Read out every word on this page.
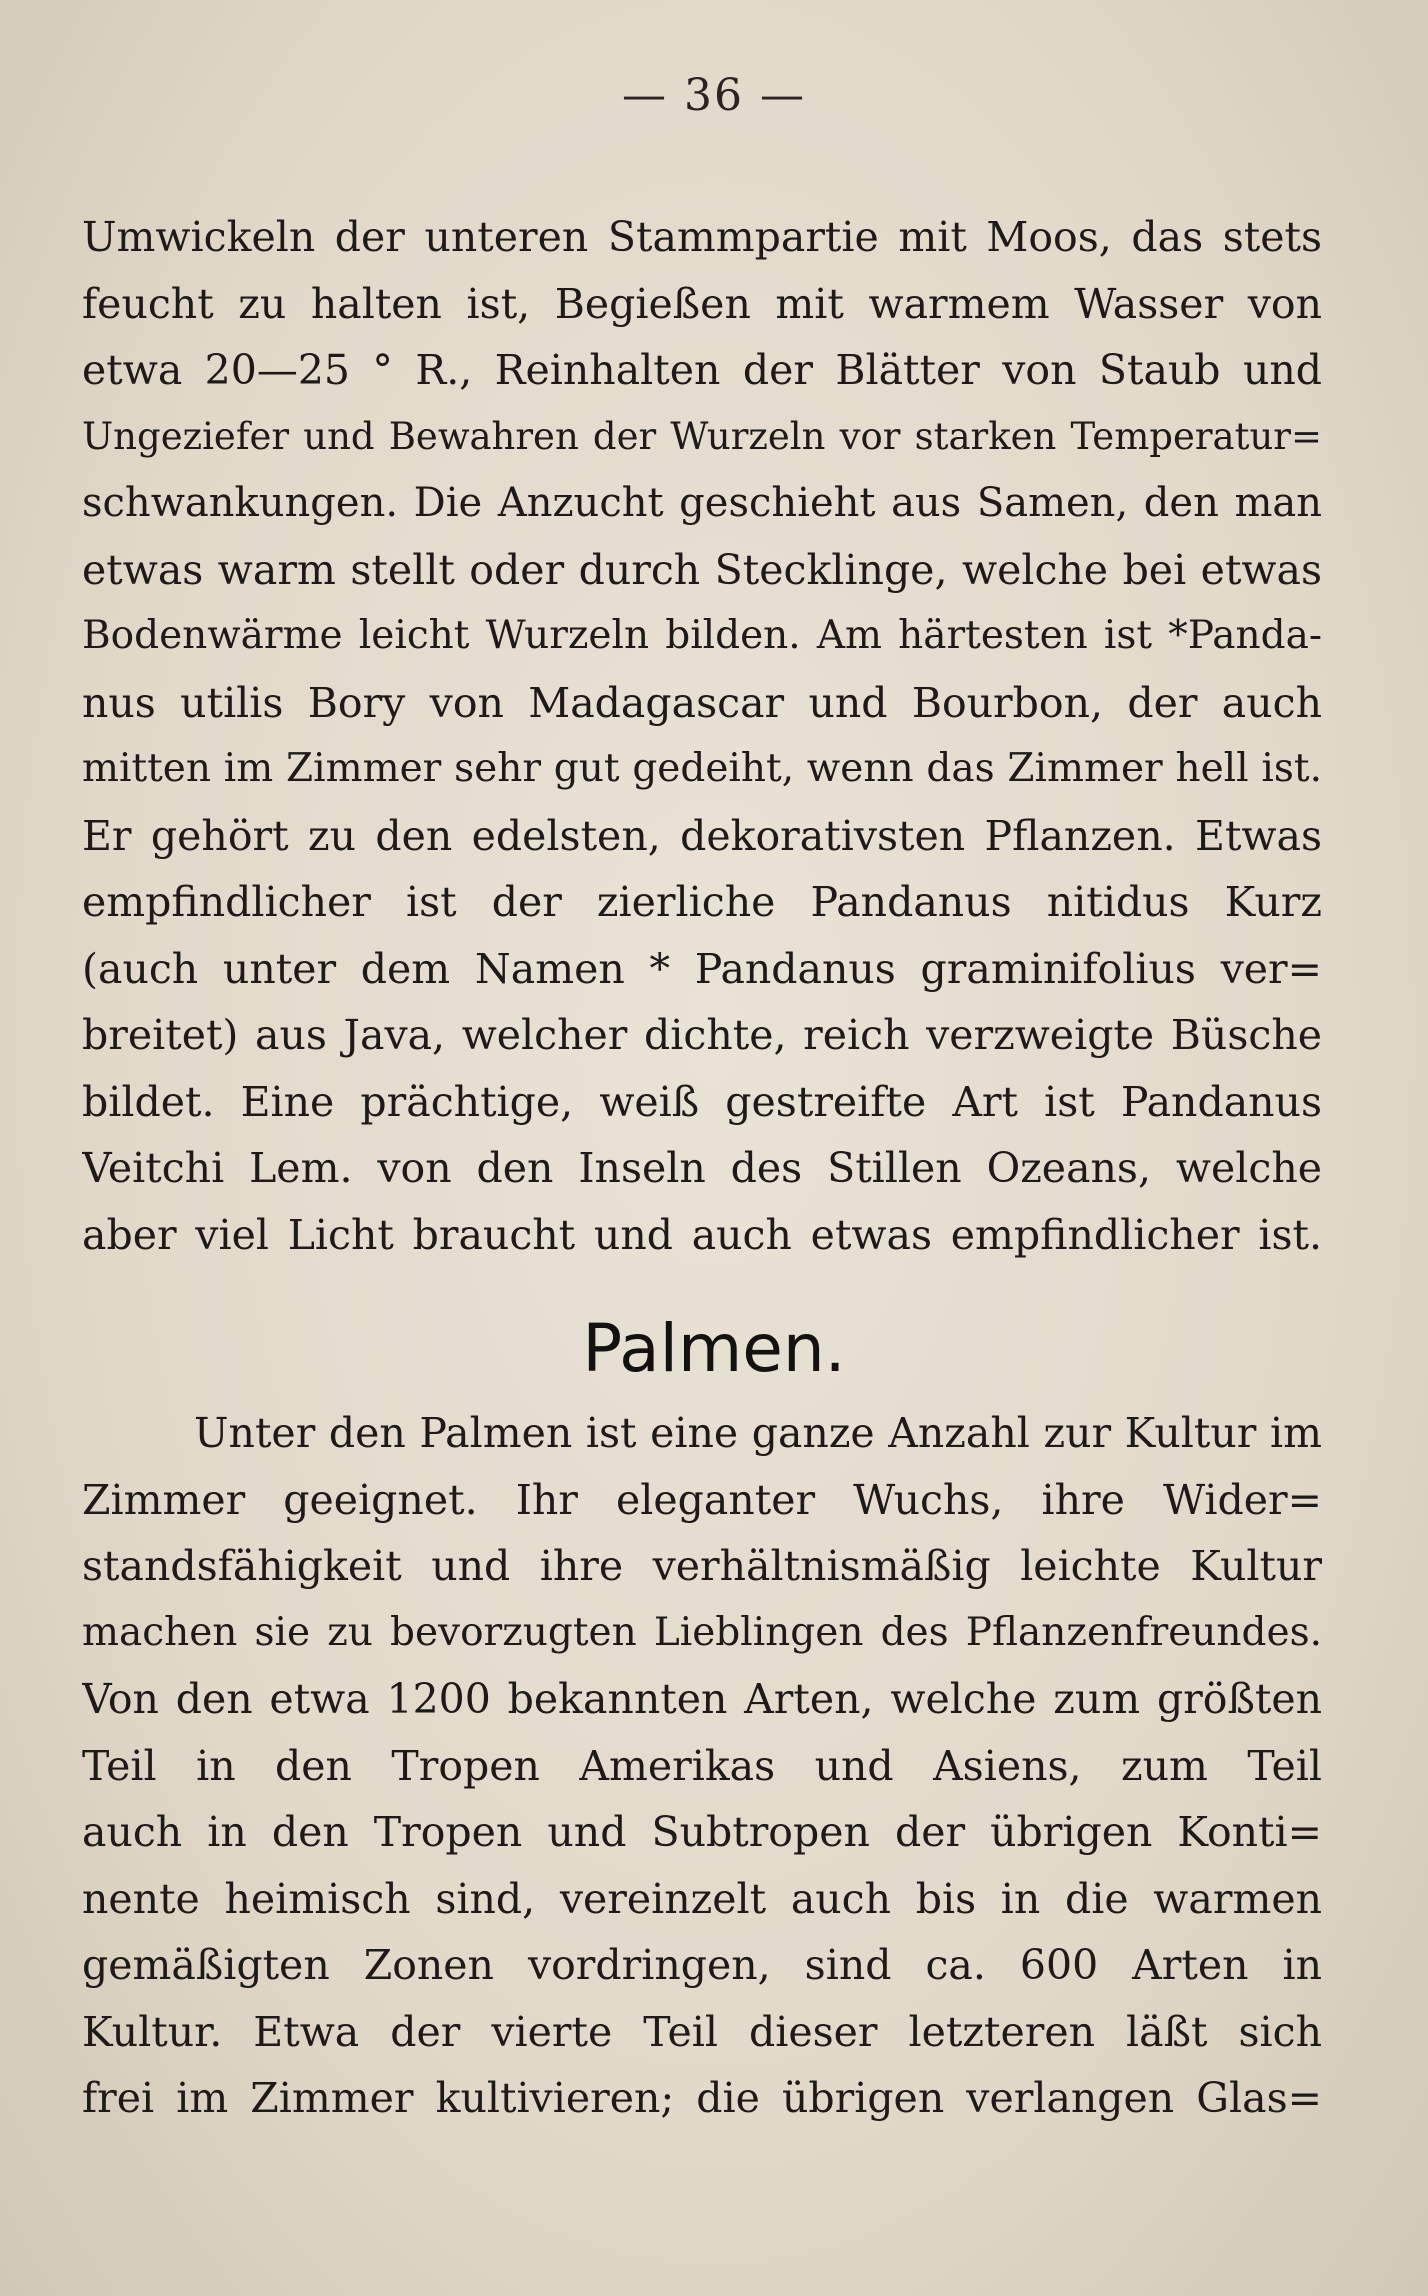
— 36 —
Umwickeln der unteren Stammpartie mit Moos, das stets
feucht zu halten ist, Begießen mit warmem Wasser von
etwa 20—25 ° R., Reinhalten der Blätter von Staub und
Ungeziefer und Bewahren der Wurzeln vor starken Temperatur=
schwankungen. Die Anzucht geschieht aus Samen, den man
etwas warm stellt oder durch Stecklinge, welche bei etwas
Bodenwärme leicht Wurzeln bilden. Am härtesten ist *Panda-
nus utilis Bory von Madagascar und Bourbon, der auch
mitten im Zimmer sehr gut gedeiht, wenn das Zimmer hell ist.
Er gehört zu den edelsten, dekorativsten Pflanzen. Etwas
empfindlicher ist der zierliche Pandanus nitidus Kurz
(auch unter dem Namen * Pandanus graminifolius ver=
breitet) aus Java, welcher dichte, reich verzweigte Büsche
bildet. Eine prächtige, weiß gestreifte Art ist Pandanus
Veitchi Lem. von den Inseln des Stillen Ozeans, welche
aber viel Licht braucht und auch etwas empfindlicher ist.
Palmen.
Unter den Palmen ist eine ganze Anzahl zur Kultur im
Zimmer geeignet. Ihr eleganter Wuchs, ihre Wider=
standsfähigkeit und ihre verhältnismäßig leichte Kultur
machen sie zu bevorzugten Lieblingen des Pflanzenfreundes.
Von den etwa 1200 bekannten Arten, welche zum größten
Teil in den Tropen Amerikas und Asiens, zum Teil
auch in den Tropen und Subtropen der übrigen Konti=
nente heimisch sind, vereinzelt auch bis in die warmen
gemäßigten Zonen vordringen, sind ca. 600 Arten in
Kultur. Etwa der vierte Teil dieser letzteren läßt sich
frei im Zimmer kultivieren; die übrigen verlangen Glas=
